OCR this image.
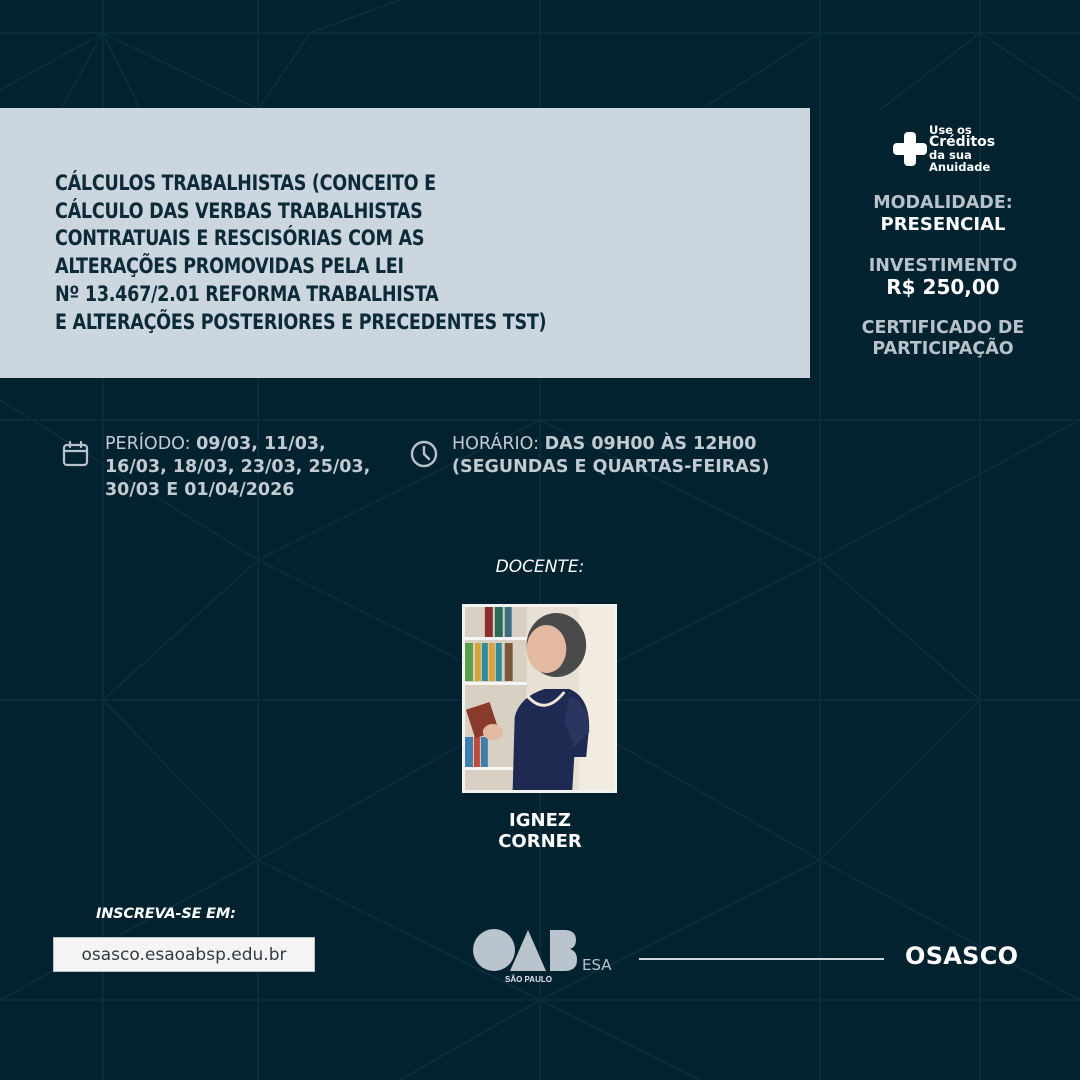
CÁLCULOS TRABALHISTAS (CONCEITO E
CÁLCULO DAS VERBAS TRABALHISTAS
CONTRATUAIS E RESCISÓRIAS COM AS
ALTERAÇÕES PROMOVIDAS PELA LEI
Nº 13.467/2.01 REFORMA TRABALHISTA
E ALTERAÇÕES POSTERIORES E PRECEDENTES TST)
Use os
Créditos
da sua
Anuidade
MODALIDADE:
PRESENCIAL
INVESTIMENTO
R$ 250,00
CERTIFICADO DE
PARTICIPAÇÃO
PERÍODO: 09/03, 11/03,
16/03, 18/03, 23/03, 25/03,
30/03 E 01/04/2026
HORÁRIO: DAS 09H00 ÀS 12H00
(SEGUNDAS E QUARTAS-FEIRAS)
DOCENTE:
IGNEZ
CORNER
INSCREVA-SE EM:
osasco.esaoabsp.edu.br
SÃO PAULO
ESA	OSASCO
